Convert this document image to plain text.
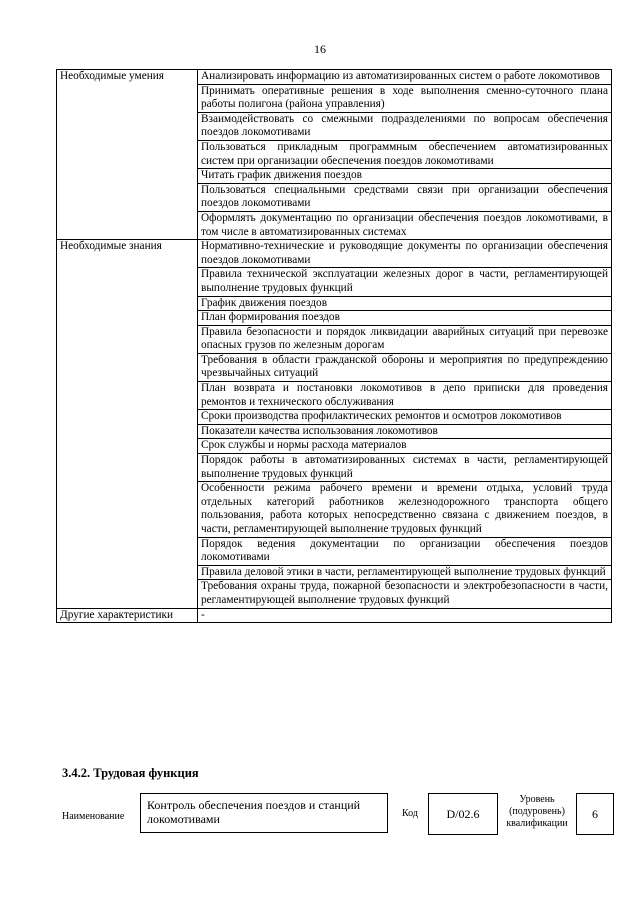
16
Необходимые умения	Анализировать информацию из автоматизированных систем о работе локомотивов
	Принимать оперативные решения в ходе выполнения сменно-суточного плана работы полигона (района управления)
	Взаимодействовать со смежными подразделениями по вопросам обеспечения поездов локомотивами
	Пользоваться прикладным программным обеспечением автоматизированных систем при организации обеспечения поездов локомотивами
	Читать график движения поездов
	Пользоваться специальными средствами связи при организации обеспечения поездов локомотивами
	Оформлять документацию по организации обеспечения поездов локомотивами, в том числе в автоматизированных системах
Необходимые знания	Нормативно-технические и руководящие документы по организации обеспечения поездов локомотивами
	Правила технической эксплуатации железных дорог в части, регламентирующей выполнение трудовых функций
	График движения поездов
	План формирования поездов
	Правила безопасности и порядок ликвидации аварийных ситуаций при перевозке опасных грузов по железным дорогам
	Требования в области гражданской обороны и мероприятия по предупреждению чрезвычайных ситуаций
	План возврата и постановки локомотивов в депо приписки для проведения ремонтов и технического обслуживания
	Сроки производства профилактических ремонтов и осмотров локомотивов
	Показатели качества использования локомотивов
	Срок службы и нормы расхода материалов
	Порядок работы в автоматизированных системах в части, регламентирующей выполнение трудовых функций
	Особенности режима рабочего времени и времени отдыха, условий труда отдельных категорий работников железнодорожного транспорта общего пользования, работа которых непосредственно связана с движением поездов, в части, регламентирующей выполнение трудовых функций
	Порядок ведения документации по организации обеспечения поездов локомотивами
	Правила деловой этики в части, регламентирующей выполнение трудовых функций
	Требования охраны труда, пожарной безопасности и электробезопасности в части, регламентирующей выполнение трудовых функций
Другие характеристики	-
3.4.2. Трудовая функция
Наименование
Контроль обеспечения поездов и станций локомотивами	Код	D/02.6
Уровень
(подуровень)
квалификации
6
